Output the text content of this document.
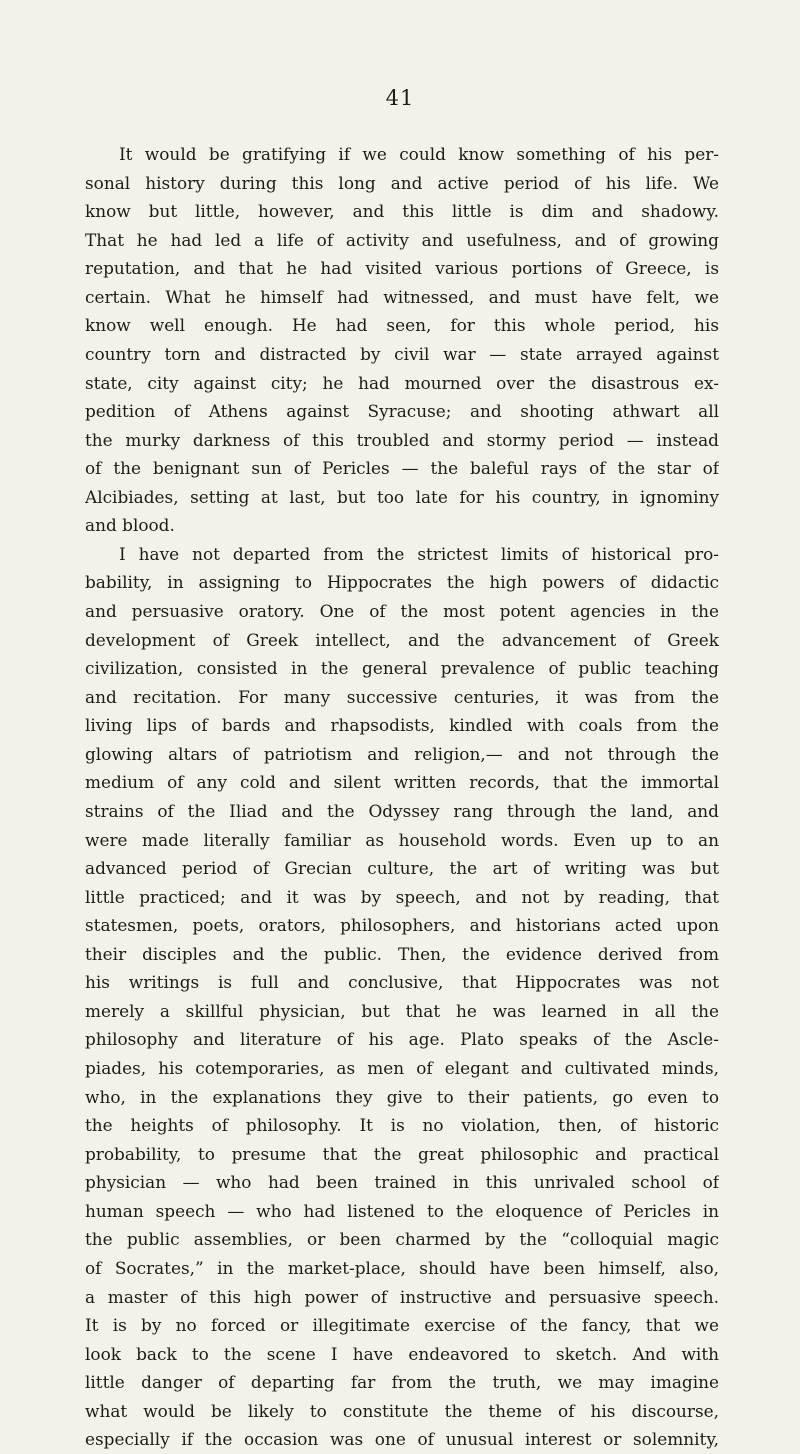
41
It would be gratifying if we could know something of his per-
sonal history during this long and active period of his life. We
know but little, however, and this little is dim and shadowy.
That he had led a life of activity and usefulness, and of growing
reputation, and that he had visited various portions of Greece, is
certain. What he himself had witnessed, and must have felt, we
know well enough. He had seen, for this whole period, his
country torn and distracted by civil war — state arrayed against
state, city against city; he had mourned over the disastrous ex-
pedition of Athens against Syracuse; and shooting athwart all
the murky darkness of this troubled and stormy period — instead
of the benignant sun of Pericles — the baleful rays of the star of
Alcibiades, setting at last, but too late for his country, in ignominy
and blood.
I have not departed from the strictest limits of historical pro-
bability, in assigning to Hippocrates the high powers of didactic
and persuasive oratory. One of the most potent agencies in the
development of Greek intellect, and the advancement of Greek
civilization, consisted in the general prevalence of public teaching
and recitation. For many successive centuries, it was from the
living lips of bards and rhapsodists, kindled with coals from the
glowing altars of patriotism and religion,— and not through the
medium of any cold and silent written records, that the immortal
strains of the Iliad and the Odyssey rang through the land, and
were made literally familiar as household words. Even up to an
advanced period of Grecian culture, the art of writing was but
little practiced; and it was by speech, and not by reading, that
statesmen, poets, orators, philosophers, and historians acted upon
their disciples and the public. Then, the evidence derived from
his writings is full and conclusive, that Hippocrates was not
merely a skillful physician, but that he was learned in all the
philosophy and literature of his age. Plato speaks of the Ascle-
piades, his cotemporaries, as men of elegant and cultivated minds,
who, in the explanations they give to their patients, go even to
the heights of philosophy. It is no violation, then, of historic
probability, to presume that the great philosophic and practical
physician — who had been trained in this unrivaled school of
human speech — who had listened to the eloquence of Pericles in
the public assemblies, or been charmed by the “colloquial magic
of Socrates,” in the market-place, should have been himself, also,
a master of this high power of instructive and persuasive speech.
It is by no forced or illegitimate exercise of the fancy, that we
look back to the scene I have endeavored to sketch. And with
little danger of departing far from the truth, we may imagine
what would be likely to constitute the theme of his discourse,
especially if the occasion was one of unusual interest or solemnity,
